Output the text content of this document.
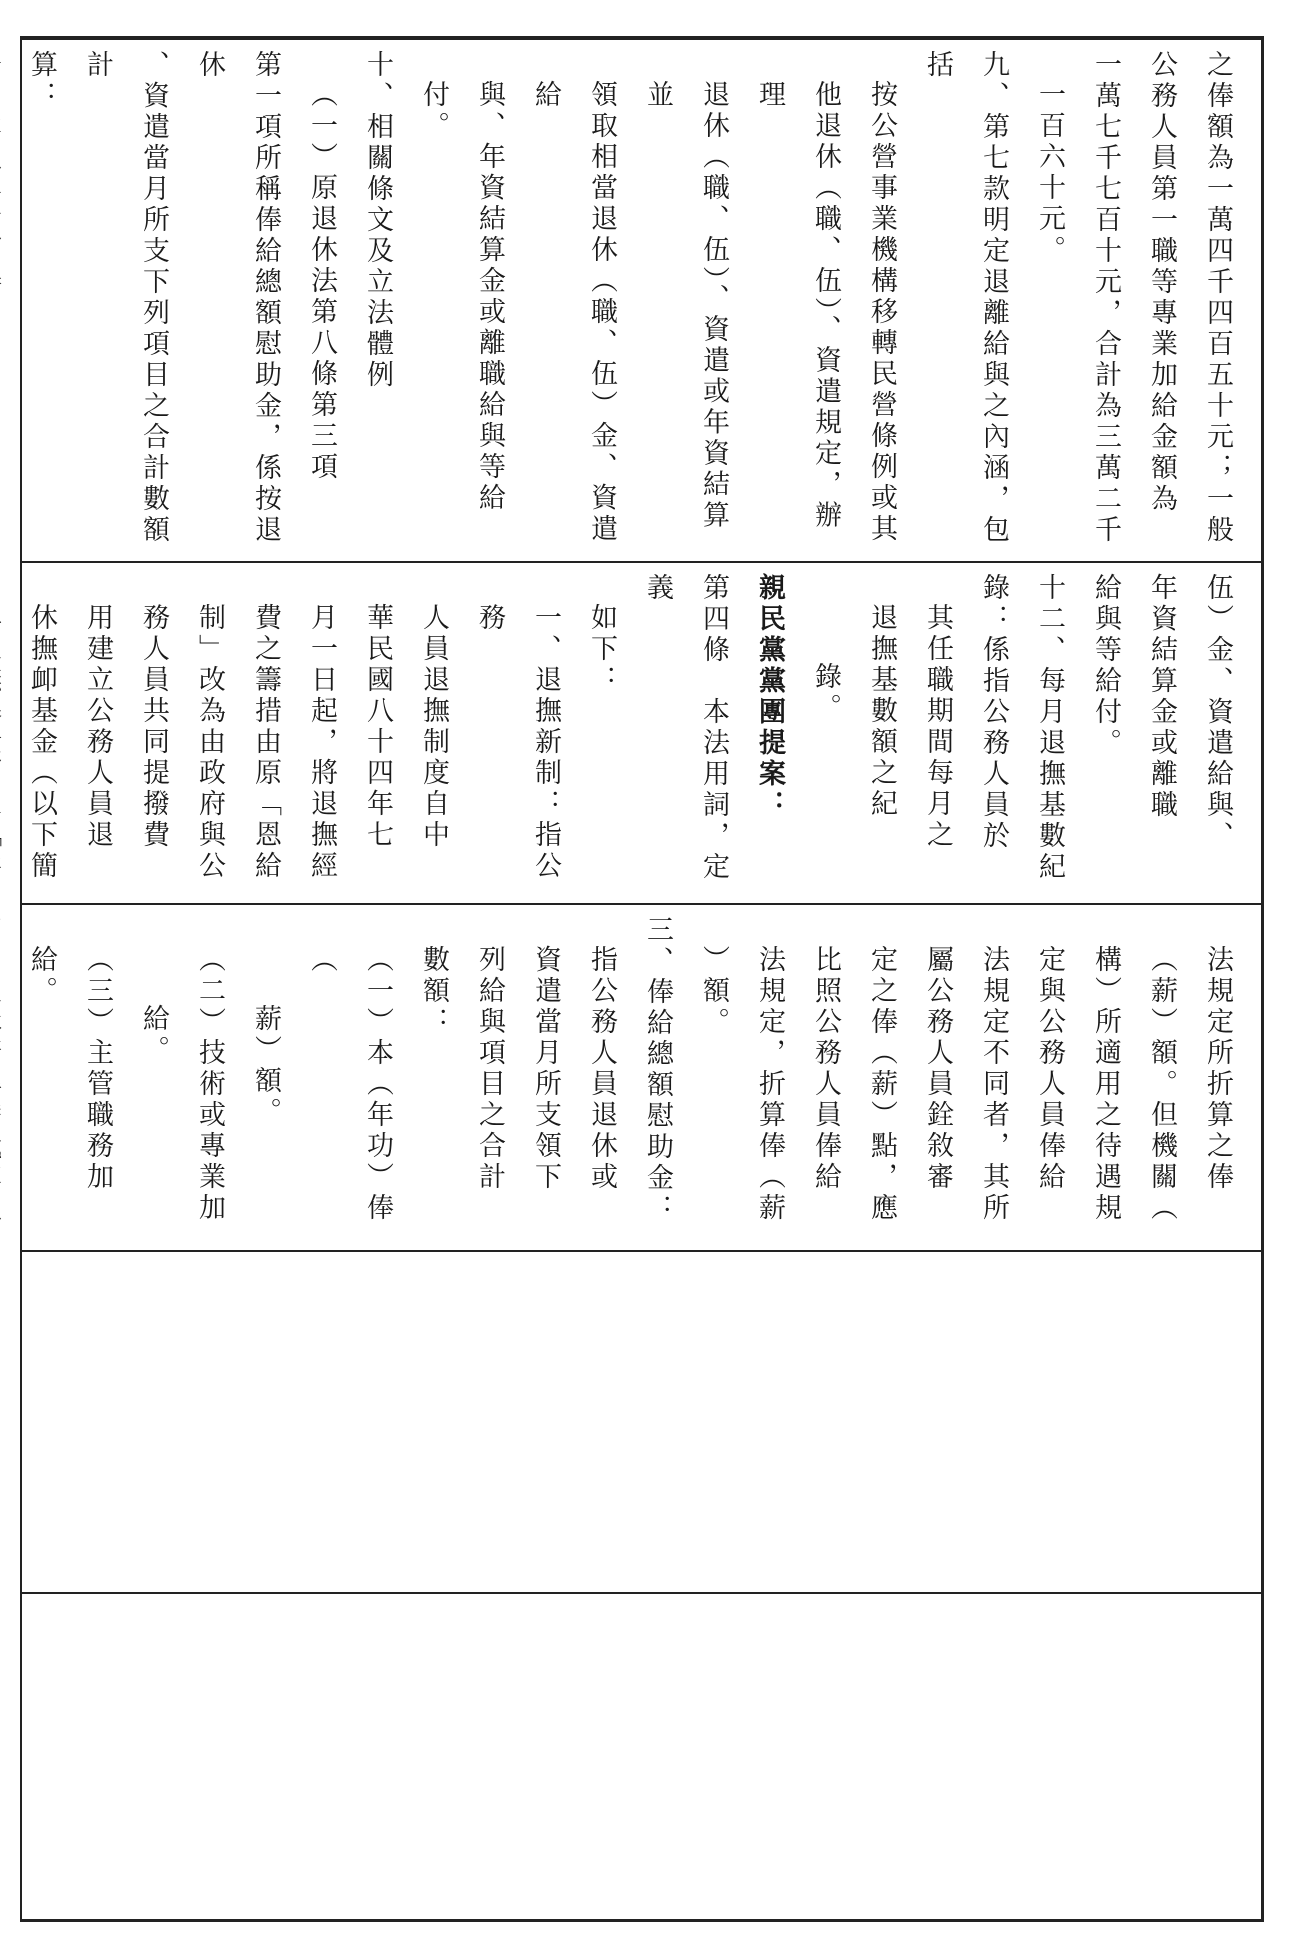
之俸額為一萬四千四百五十元；一般
公務人員第一職等專業加給金額為
一萬七千七百十元，合計為三萬二千
一百六十元。
九、第七款明定退離給與之內涵，包括
按公營事業機構移轉民營條例或其
他退休（職、伍）、資遣規定，辦理
退休（職、伍）、資遣或年資結算並
領取相當退休（職、伍）金、資遣給
與、年資結算金或離職給與等給付。
十、相關條文及立法體例
（一）原退休法第八條第三項
第一項所稱俸給總額慰助金，係按退休
、資遣當月所支下列項目之合計數額計
算：
伍）金、資遣給與、
年資結算金或離職
給與等給付。
十二、每月退撫基數紀
錄：係指公務人員於
其任職期間每月之
退撫基數額之紀
錄。
親民黨黨團提案：
第四條　本法用詞，定義
如下：
一、退撫新制：指公務
人員退撫制度自中
華民國八十四年七
月一日起，將退撫經
費之籌措由原「恩給
制」改為由政府與公
務人員共同提撥費
用建立公務人員退
休撫卹基金（以下簡
法規定所折算之俸
（薪）額。但機關（
構）所適用之待遇規
定與公務人員俸給
法規定不同者，其所
屬公務人員銓敘審
定之俸（薪）點，應
比照公務人員俸給
法規定，折算俸（薪
）額。
三、俸給總額慰助金：
指公務人員退休或
資遣當月所支領下
列給與項目之合計
數額：
（一）本（年功）俸（
薪）額。
（二）技術或專業加
給。
（三）主管職務加給。
